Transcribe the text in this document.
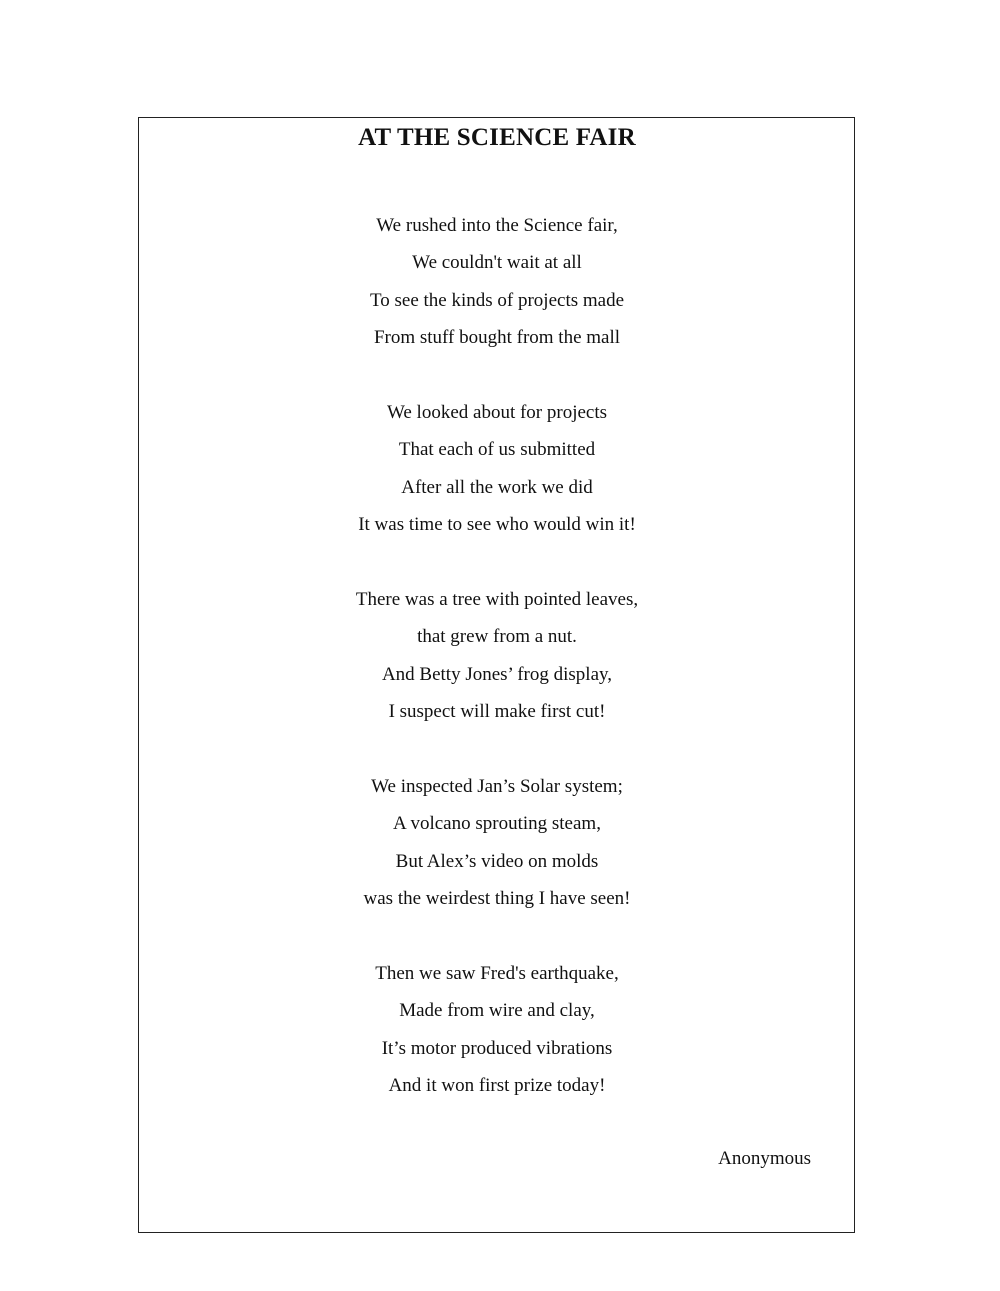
AT THE SCIENCE FAIR
We rushed into the Science fair,
We couldn't wait at all
To see the kinds of projects made
From stuff bought from the mall
We looked about for projects
That each of us submitted
After all the work we did
It was time to see who would win it!
There was a tree with pointed leaves,
that grew from a nut.
And Betty Jones’ frog display,
I suspect will make first cut!
We inspected Jan’s Solar system;
A volcano sprouting steam,
But Alex’s video on molds
was the weirdest thing I have seen!
Then we saw Fred's earthquake,
Made from wire and clay,
It’s motor produced vibrations
And it won first prize today!
Anonymous
